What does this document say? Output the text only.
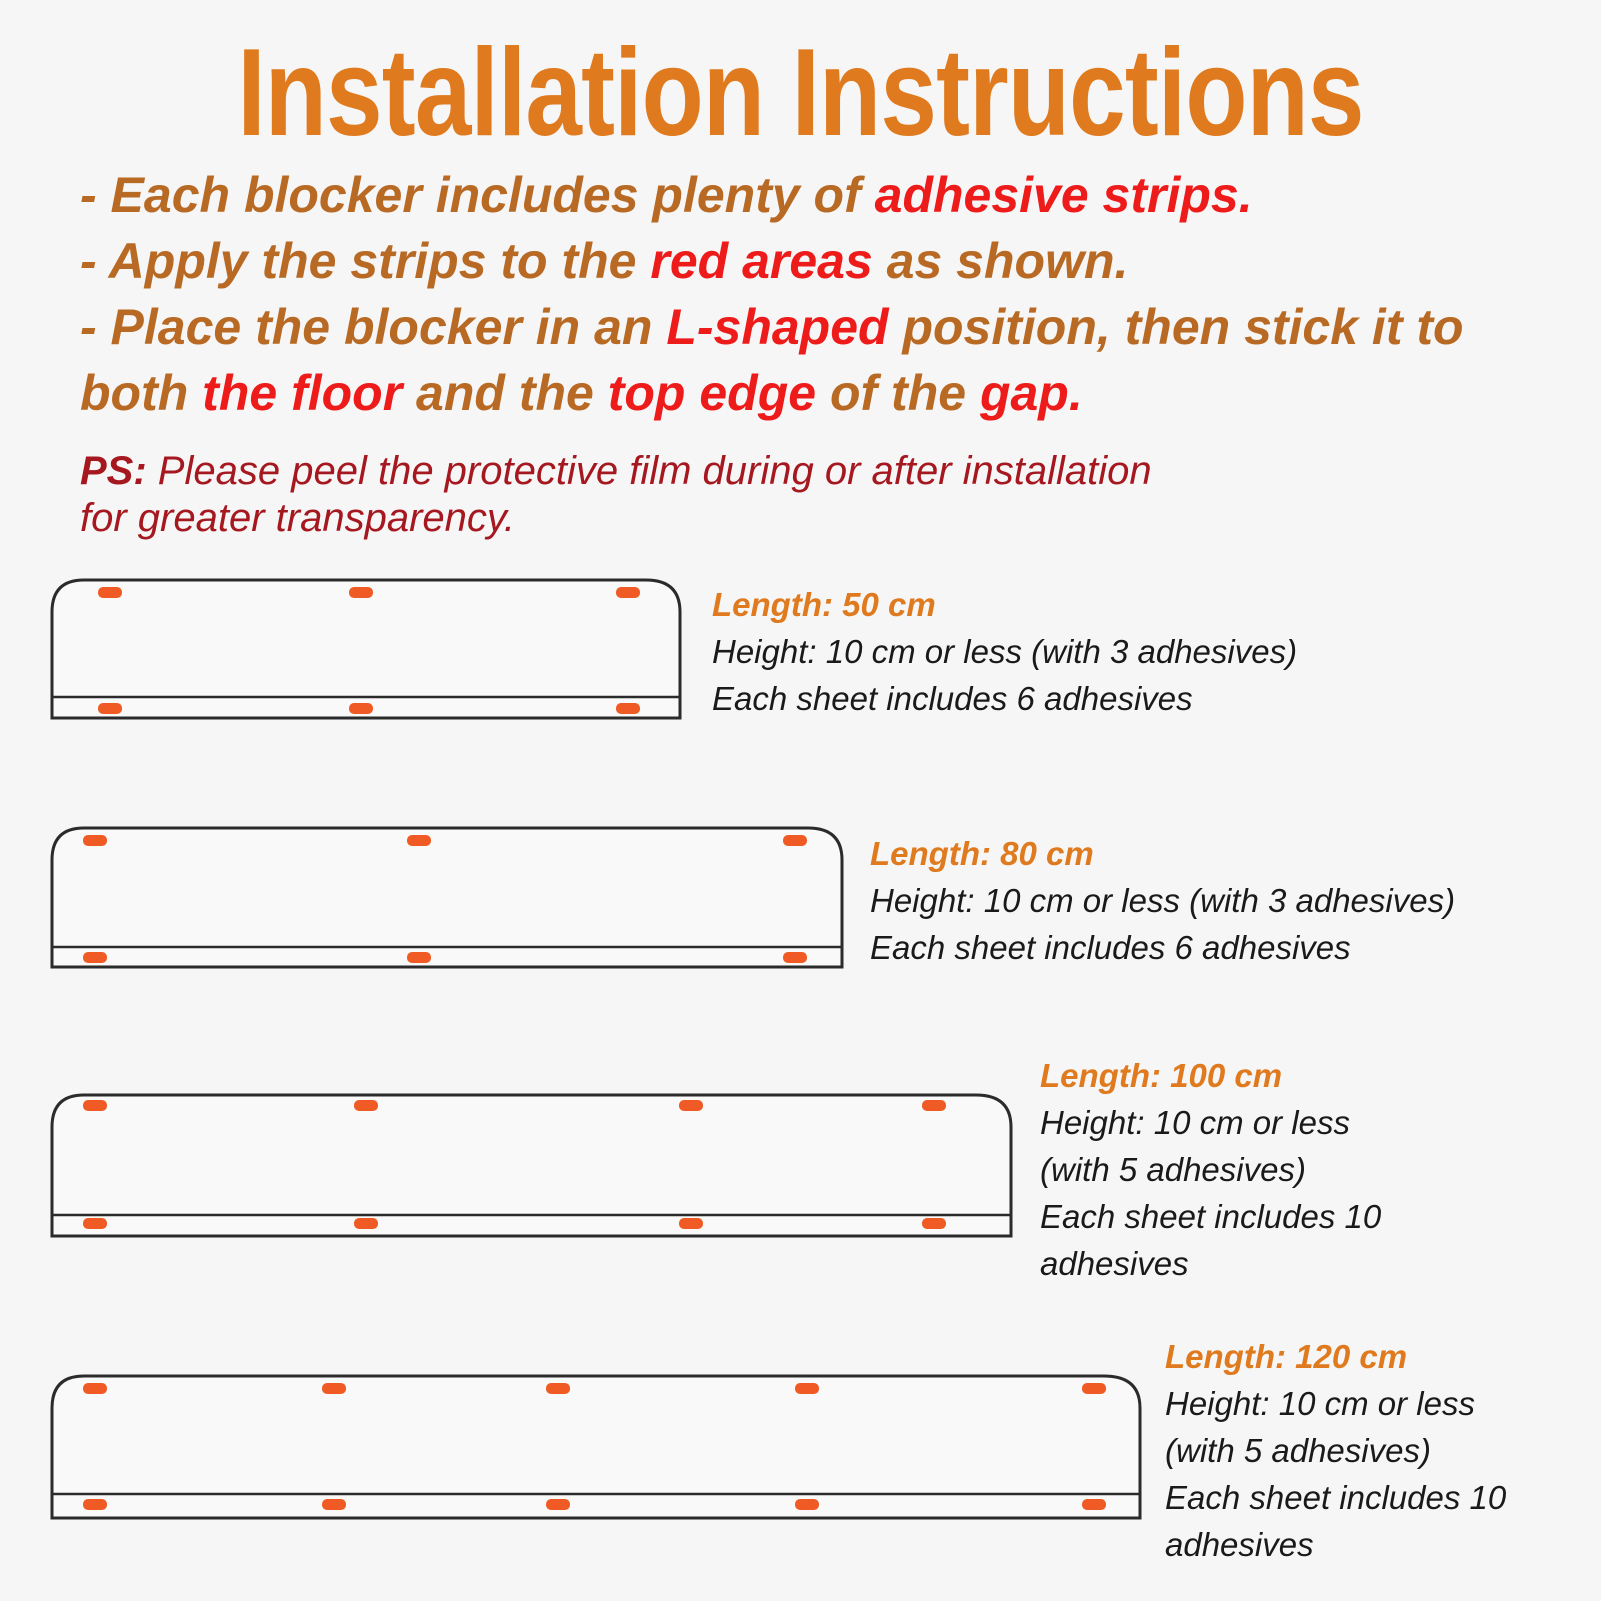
Installation Instructions

- Each blocker includes plenty of adhesive strips.

- Apply the strips to the red areas as shown.

- Place the blocker in an L-shaped position, then stick it to both the floor and the top edge of the gap.

PS: Please peel the protective film during or after installation
for greater transparency.
Length: 50 cm
Height: 10 cm or less (with 3 adhesives)
Each sheet includes 6 adhesives
Length: 80 cm
Height: 10 cm or less (with 3 adhesives)
Each sheet includes 6 adhesives
Length: 100 cm
Height: 10 cm or less
(with 5 adhesives)
Each sheet includes 10
adhesives
Length: 120 cm
Height: 10 cm or less
(with 5 adhesives)
Each sheet includes 10
adhesives
